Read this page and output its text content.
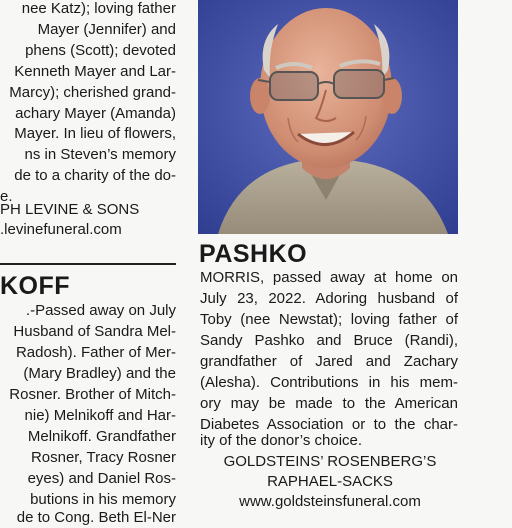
nee Katz); loving father
Mayer (Jennifer) and
phens (Scott); devoted
Kenneth Mayer and Lar-
Marcy); cherished grand-
achary Mayer (Amanda)
Mayer. In lieu of flowers,
ns in Steven’s memory
de to a charity of the do-
e.
PH LEVINE & SONS
.levinefuneral.com
KOFF
.-Passed away on July
Husband of Sandra Mel-
Radosh). Father of Mer-
(Mary Bradley) and the
Rosner. Brother of Mitch-
nie) Melnikoff and Har-
Melnikoff. Grandfather
Rosner, Tracy Rosner
eyes) and Daniel Ros-
butions in his memory
de to Cong. Beth El-Ner
PASHKO
MORRIS, passed away at home on
July 23, 2022. Adoring husband of
Toby (nee Newstat); loving father of
Sandy Pashko and Bruce (Randi),
grandfather of Jared and Zachary
(Alesha). Contributions in his mem-
ory may be made to the American
Diabetes Association or to the char-
ity of the donor’s choice.
GOLDSTEINS’ ROSENBERG’S
RAPHAEL-SACKS
www.goldsteinsfuneral.com
